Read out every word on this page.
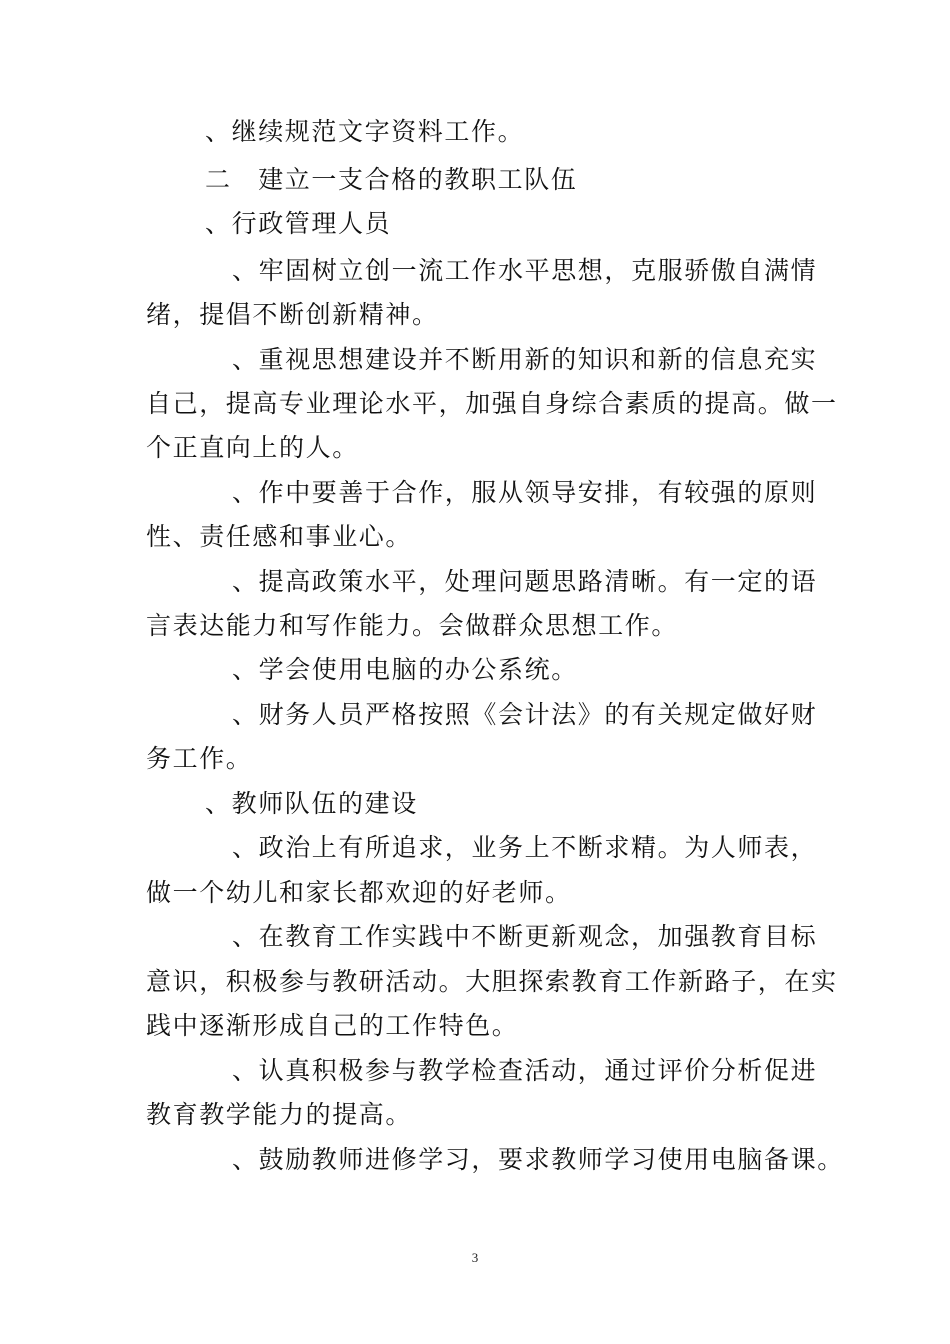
、继续规范文字资料工作。
二　建立一支合格的教职工队伍
、行政管理人员
、牢固树立创一流工作水平思想，克服骄傲自满情
绪，提倡不断创新精神。
、重视思想建设并不断用新的知识和新的信息充实
自己，提高专业理论水平，加强自身综合素质的提高。做一
个正直向上的人。
、作中要善于合作，服从领导安排，有较强的原则
性、责任感和事业心。
、提高政策水平，处理问题思路清晰。有一定的语
言表达能力和写作能力。会做群众思想工作。
、学会使用电脑的办公系统。
、财务人员严格按照《会计法》的有关规定做好财
务工作。
、教师队伍的建设
、政治上有所追求，业务上不断求精。为人师表，
做一个幼儿和家长都欢迎的好老师。
、在教育工作实践中不断更新观念，加强教育目标
意识，积极参与教研活动。大胆探索教育工作新路子，在实
践中逐渐形成自己的工作特色。
、认真积极参与教学检查活动，通过评价分析促进
教育教学能力的提高。
、鼓励教师进修学习，要求教师学习使用电脑备课。
3
